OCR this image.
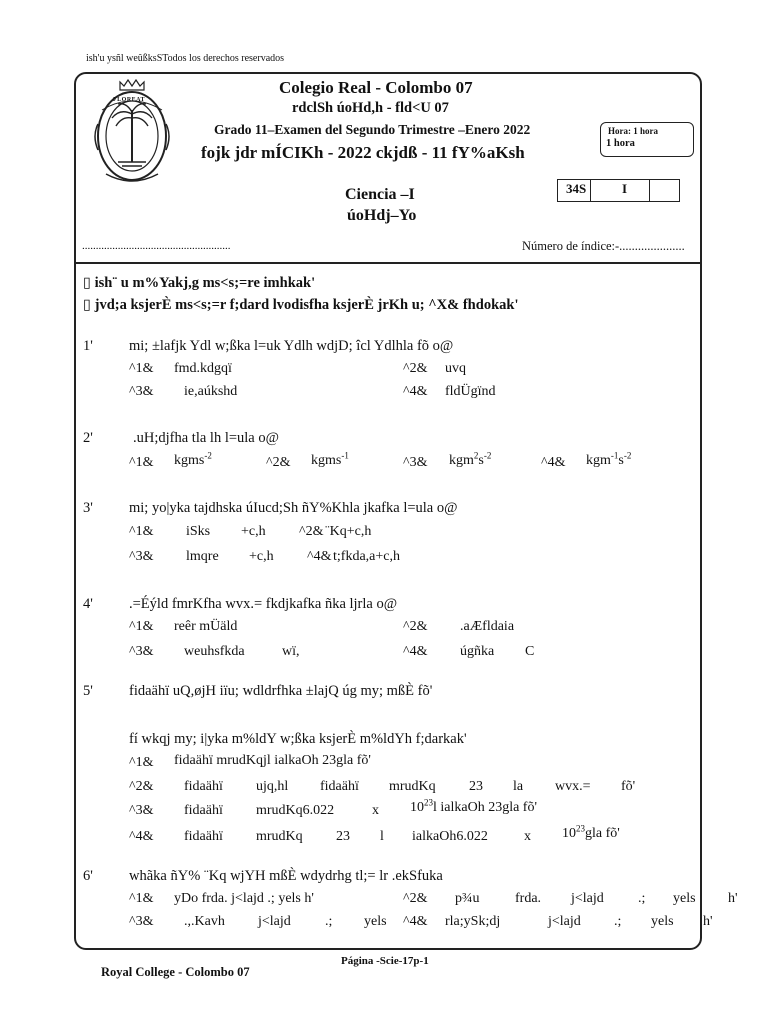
ish'u ysñl weûßksSTodos los derechos reservados
FLOREAT
Colegio Real - Colombo 07
rdclSh úoHd,h - fld<U 07
Grado 11–Examen del Segundo Trimestre –Enero 2022
fojk jdr mÍCIKh - 2022 ckjdß - 11 fY%aKsh
Hora: 1 hora
1 hora
Ciencia –I
úoHdj–Yo
34S	I
......................................................	Número de índice:-.....................
▯ ish¨ u m%Yakj,g ms<s;=re imhkak'
▯ jvd;a ksjerÈ ms<s;=r f;dard lvodisfha ksjerÈ jrKh u; ^X& fhdokak'
1' mi; ±lafjk Ydl w;ßka l=uk Ydlh wdjD; îcl Ydlhla fõ o@
^1& fmd.kdgqï	^2& uvq
^3& ie,aúkshd	^4& fldÜgïnd
2'	.uH;djfha tla lh l=ula o@
^1& kgms$^{-2}$	^2& kgms$^{-1}$	^3& $kgm^2s^{-2}$	^4& $kgm^{-1}s^{-2}$
3' mi; yo|yka tajdhska úIucd;Sh ñY%Khla jkafka l=ula o@
^1& iSks +c,h ^2& ¨Kq+c,h
^3& lmqre +c,h ^4& t;fkda,a+c,h
4' .=Éýld fmrKfha wvx.= fkdjkafka ñka ljrla o@
^1& reêr mÜäld	^2& .aÆfldaia
^3& weuhsfkda	wï,	^4& úgñka C
5' fidaähï uQ,øjH iïu; wdldrfhka ±lajQ úg my; mßÈ fõ'
fí wkqj my; i|yka m%ldY w;ßka ksjerÈ m%ldYh f;darkak'
^1& fidaähï mrudKqjl ialkaOh 23gla fõ'
^2& fidaähï ujq,hl fidaähï mrudKq 23 la wvx.= fõ'
^3& fidaähï mrudKq6.022	x $10^{23}l$ ialkaOh 23gla fõ'
^4& fidaähï mrudKq 23 l ialkaOh6.022	x $10^{23}gla$ fõ'
6' whãka ñY% ¨Kq wjYH mßÈ wdydrhg tl;= lr .ekSfuka
^1& yDo frda. j<lajd .; yels h'	^2& p¾u	frda. j<lajd .; yels h'
^3& .,.Kavh j<lajd .; yels ^4& rla;ySk;dj	j<lajd .; yels h'
Página -Scie-17p-1
Royal College - Colombo 07
